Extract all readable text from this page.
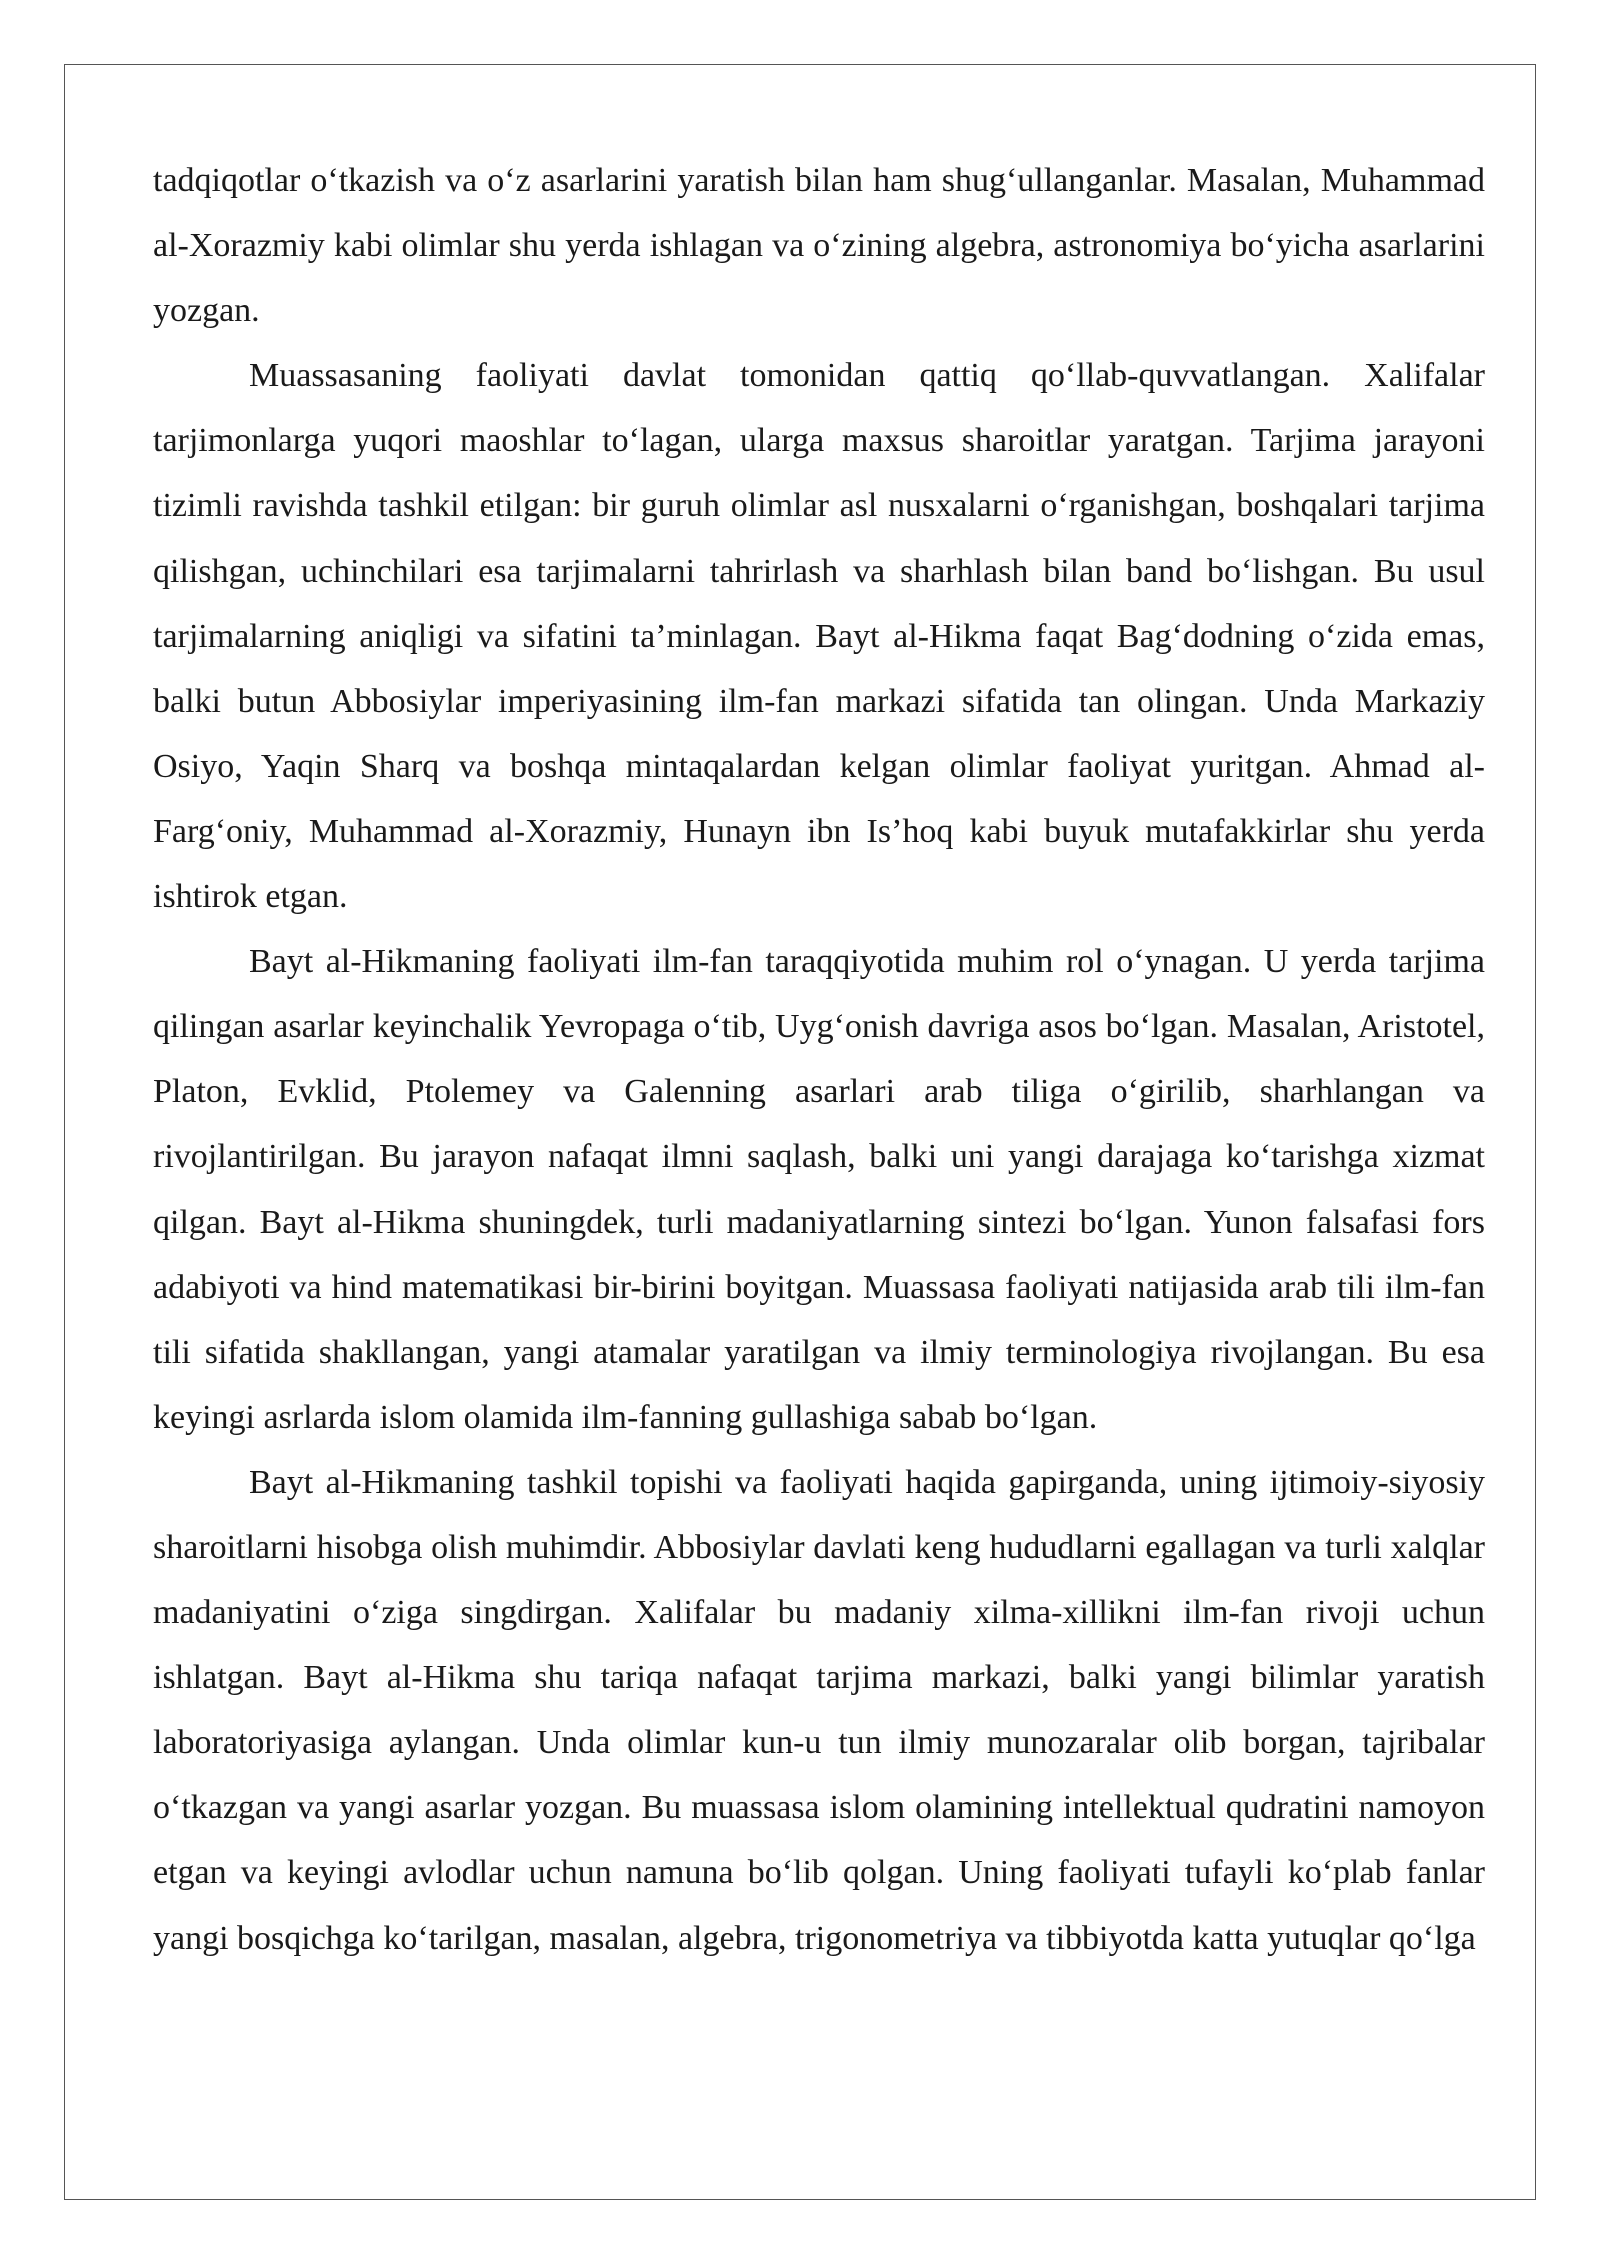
tadqiqotlar o‘tkazish va o‘z asarlarini yaratish bilan ham shug‘ullanganlar. Masalan, Muhammad al-Xorazmiy kabi olimlar shu yerda ishlagan va o‘zining algebra, astronomiya bo‘yicha asarlarini yozgan.

Muassasaning faoliyati davlat tomonidan qattiq qo‘llab-quvvatlangan. Xalifalar tarjimonlarga yuqori maoshlar to‘lagan, ularga maxsus sharoitlar yaratgan. Tarjima jarayoni tizimli ravishda tashkil etilgan: bir guruh olimlar asl nusxalarni o‘rganishgan, boshqalari tarjima qilishgan, uchinchilari esa tarjimalarni tahrirlash va sharhlash bilan band bo‘lishgan. Bu usul tarjimalarning aniqligi va sifatini ta’minlagan. Bayt al-Hikma faqat Bag‘dodning o‘zida emas, balki butun Abbosiylar imperiyasining ilm-fan markazi sifatida tan olingan. Unda Markaziy Osiyo, Yaqin Sharq va boshqa mintaqalardan kelgan olimlar faoliyat yuritgan. Ahmad al-Farg‘oniy, Muhammad al-Xorazmiy, Hunayn ibn Is’hoq kabi buyuk mutafakkirlar shu yerda ishtirok etgan.

Bayt al-Hikmaning faoliyati ilm-fan taraqqiyotida muhim rol o‘ynagan. U yerda tarjima qilingan asarlar keyinchalik Yevropaga o‘tib, Uyg‘onish davriga asos bo‘lgan. Masalan, Aristotel, Platon, Evklid, Ptolemey va Galenning asarlari arab tiliga o‘girilib, sharhlangan va rivojlantirilgan. Bu jarayon nafaqat ilmni saqlash, balki uni yangi darajaga ko‘tarishga xizmat qilgan. Bayt al-Hikma shuningdek, turli madaniyatlarning sintezi bo‘lgan. Yunon falsafasi fors adabiyoti va hind matematikasi bir-birini boyitgan. Muassasa faoliyati natijasida arab tili ilm-fan tili sifatida shakllangan, yangi atamalar yaratilgan va ilmiy terminologiya rivojlangan. Bu esa keyingi asrlarda islom olamida ilm-fanning gullashiga sabab bo‘lgan.

Bayt al-Hikmaning tashkil topishi va faoliyati haqida gapirganda, uning ijtimoiy-siyosiy sharoitlarni hisobga olish muhimdir. Abbosiylar davlati keng hududlarni egallagan va turli xalqlar madaniyatini o‘ziga singdirgan. Xalifalar bu madaniy xilma-xillikni ilm-fan rivoji uchun ishlatgan. Bayt al-Hikma shu tariqa nafaqat tarjima markazi, balki yangi bilimlar yaratish laboratoriyasiga aylangan. Unda olimlar kun-u tun ilmiy munozaralar olib borgan, tajribalar o‘tkazgan va yangi asarlar yozgan. Bu muassasa islom olamining intellektual qudratini namoyon etgan va keyingi avlodlar uchun namuna bo‘lib qolgan. Uning faoliyati tufayli ko‘plab fanlar yangi bosqichga ko‘tarilgan, masalan, algebra, trigonometriya va tibbiyotda katta yutuqlar qo‘lga
